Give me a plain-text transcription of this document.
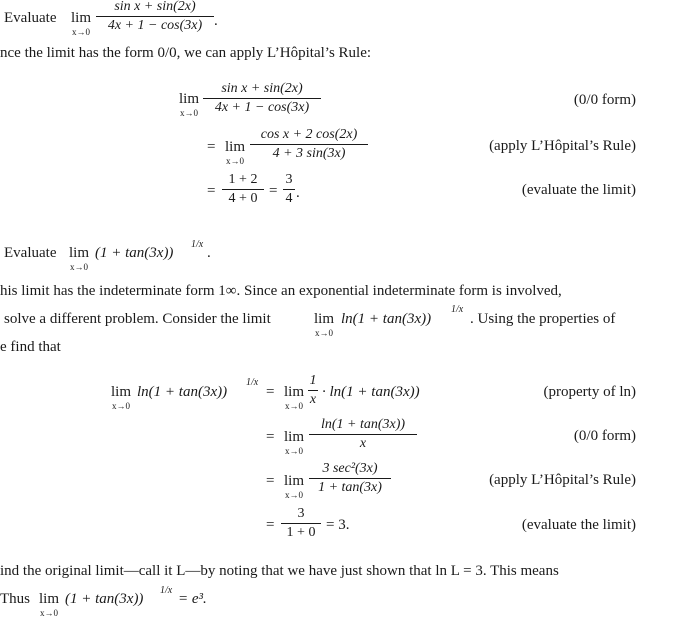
Evaluate lim
x→0
sin x + sin(2x)
4x + 1 − cos(3x) .
nce the limit has the form 0/0, we can apply L’Hôpital’s Rule:
lim
x→0
sin x + sin(2x)
4x + 1 − cos(3x)	(0/0 form)
= lim
x→0
cos x + 2 cos(2x)
4 + 3 sin(3x)	(apply L’Hôpital’s Rule)
=
1 + 2
4 + 0 =
3
4 .	(evaluate the limit)
Evaluate lim
x→0
(1 + tan(3x))
1/x
.
his limit has the indeterminate form 1∞. Since an exponential indeterminate form is involved,
solve a different problem. Consider the limit	lim
x→0
ln(1 + tan(3x))
1/x
. Using the properties of
e find that
lim
x→0
ln(1 + tan(3x))
1/x
= lim
x→0
1
x · ln(1 + tan(3x))	(property of ln)
= lim
x→0
ln(1 + tan(3x))
x	(0/0 form)
= lim
x→0
3 sec²(3x)
1 + tan(3x)	(apply L’Hôpital’s Rule)
=
3
1 + 0 = 3.	(evaluate the limit)
ind the original limit—call it L—by noting that we have just shown that ln L = 3. This means
Thus lim
x→0
(1 + tan(3x))
1/x
= e³.
